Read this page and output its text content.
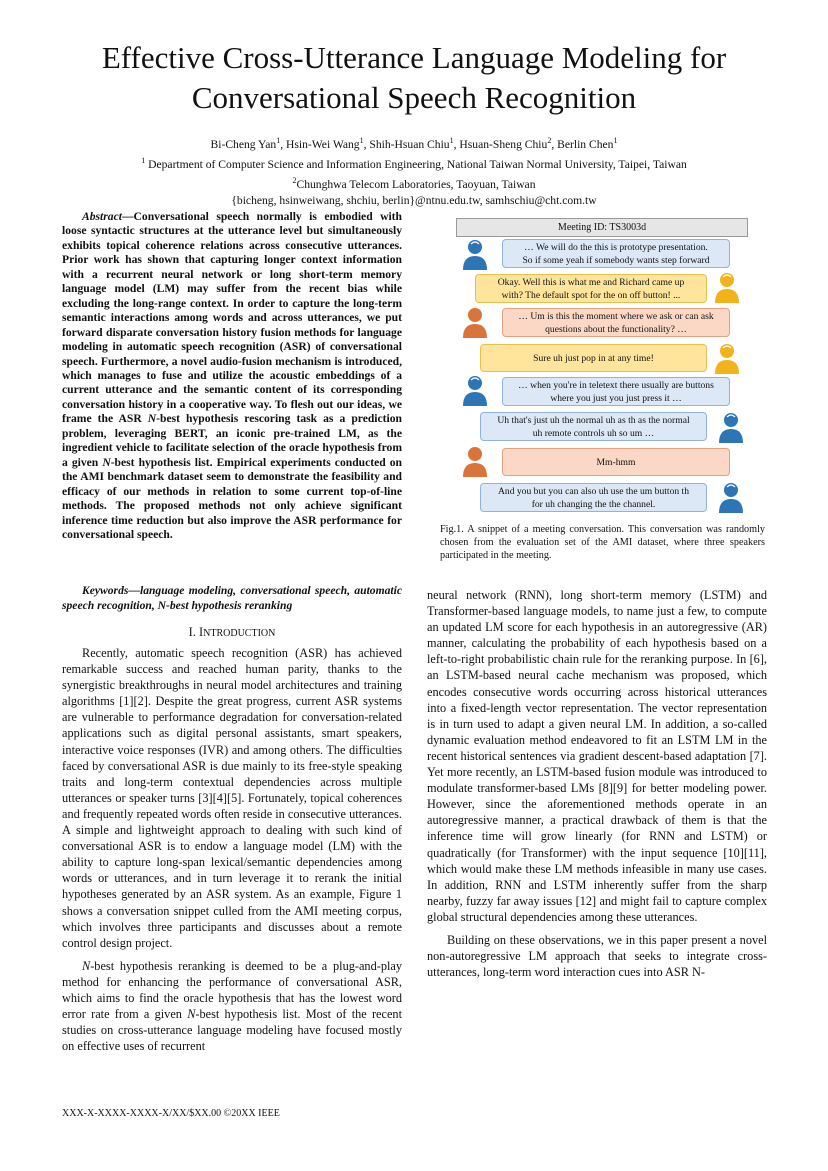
Effective Cross-Utterance Language Modeling for
Conversational Speech Recognition
Bi-Cheng Yan$^1$, Hsin-Wei Wang$^1$, Shih-Hsuan Chiu$^1$, Hsuan-Sheng Chiu$^2$, Berlin Chen$^1$
$^1$ Department of Computer Science and Information Engineering, National Taiwan Normal University, Taipei, Taiwan
$^2$Chunghwa Telecom Laboratories, Taoyuan, Taiwan
{bicheng, hsinweiwang, shchiu, berlin}@ntnu.edu.tw, samhschiu@cht.com.tw
Abstract—Conversational speech normally is embodied with loose syntactic structures at the utterance level but simultaneously exhibits topical coherence relations across consecutive utterances. Prior work has shown that capturing longer context information with a recurrent neural network or long short-term memory language model (LM) may suffer from the recent bias while excluding the long-range context. In order to capture the long-term semantic interactions among words and across utterances, we put forward disparate conversation history fusion methods for language modeling in automatic speech recognition (ASR) of conversational speech. Furthermore, a novel audio-fusion mechanism is introduced, which manages to fuse and utilize the acoustic embeddings of a current utterance and the semantic content of its corresponding conversation history in a cooperative way. To flesh out our ideas, we frame the ASR N-best hypothesis rescoring task as a prediction problem, leveraging BERT, an iconic pre-trained LM, as the ingredient vehicle to facilitate selection of the oracle hypothesis from a given N-best hypothesis list. Empirical experiments conducted on the AMI benchmark dataset seem to demonstrate the feasibility and efficacy of our methods in relation to some current top-of-line methods. The proposed methods not only achieve significant inference time reduction but also improve the ASR performance for conversational speech.
Keywords—language modeling, conversational speech, automatic speech recognition, N-best hypothesis reranking
I. INTRODUCTION

Recently, automatic speech recognition (ASR) has achieved remarkable success and reached human parity, thanks to the synergistic breakthroughs in neural model architectures and training algorithms [1][2]. Despite the great progress, current ASR systems are vulnerable to performance degradation for conversation-related applications such as digital personal assistants, smart speakers, interactive voice responses (IVR) and among others. The difficulties faced by conversational ASR is due mainly to its free-style speaking traits and long-term contextual dependencies across multiple utterances or speaker turns [3][4][5]. Fortunately, topical coherences and frequently repeated words often reside in consecutive utterances. A simple and lightweight approach to dealing with such kind of conversational ASR is to endow a language model (LM) with the ability to capture long-span lexical/semantic dependencies among words or utterances, and in turn leverage it to rerank the initial hypotheses generated by an ASR system. As an example, Figure 1 shows a conversation snippet culled from the AMI meeting corpus, which involves three participants and discusses about a remote control design project.

N-best hypothesis reranking is deemed to be a plug-and-play method for enhancing the performance of conversational ASR, which aims to find the oracle hypothesis that has the lowest word error rate from a given N-best hypothesis list. Most of the recent studies on cross-utterance language modeling have focused mostly on effective uses of recurrent

Meeting ID: TS3003d
… We will do the this is prototype presentation.
So if some yeah if somebody wants step forward
Okay. Well this is what me and Richard came up
with? The default spot for the on off button! ...
… Um is this the moment where we ask or can ask
questions about the functionality? …
Sure uh just pop in at any time!
… when you're in teletext there usually are buttons
where you just you just press it …
Uh that's just uh the normal uh as th as the normal
uh remote controls uh so um …
Mm-hmm
And you but you can also uh use the um button th
for uh changing the the channel.
Fig.1. A snippet of a meeting conversation. This conversation was randomly chosen from the evaluation set of the AMI dataset, where three speakers participated in the meeting.

neural network (RNN), long short-term memory (LSTM) and Transformer-based language models, to name just a few, to compute an updated LM score for each hypothesis in an autoregressive (AR) manner, calculating the probability of each hypothesis based on a left-to-right probabilistic chain rule for the reranking purpose. In [6], an LSTM-based neural cache mechanism was proposed, which encodes consecutive words occurring across historical utterances into a fixed-length vector representation. The vector representation is in turn used to adapt a given neural LM. In addition, a so-called dynamic evaluation method endeavored to fit an LSTM LM in the recent historical sentences via gradient descent-based adaptation [7]. Yet more recently, an LSTM-based fusion module was introduced to modulate transformer-based LMs [8][9] for better modeling power. However, since the aforementioned methods operate in an autoregressive manner, a practical drawback of them is that the inference time will grow linearly (for RNN and LSTM) or quadratically (for Transformer) with the input sequence [10][11], which would make these LM methods infeasible in many use cases. In addition, RNN and LSTM inherently suffer from the sharp nearby, fuzzy far away issues [12] and might fail to capture complex global structural dependencies among these utterances.

Building on these observations, we in this paper present a novel non-autoregressive LM approach that seeks to integrate cross-utterances, long-term word interaction cues into ASR N-

XXX-X-XXXX-XXXX-X/XX/$XX.00 ©20XX IEEE
